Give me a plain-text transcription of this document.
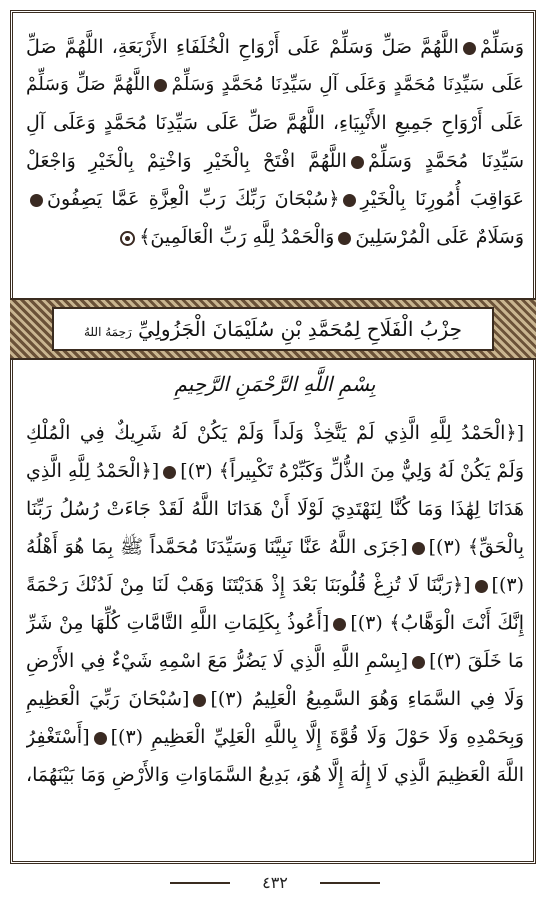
وَسَلِّمْاللَّهُمَّ صَلِّ وَسَلِّمْ عَلَى أَرْوَاحِ الْخُلَفَاءِ الأَرْبَعَةِ، اللَّهُمَّ صَلِّ
عَلَى سَيِّدِنَا مُحَمَّدٍ وَعَلَى آلِ سَيِّدِنَا مُحَمَّدٍ وَسَلِّمْاللَّهُمَّ صَلِّ وَسَلِّمْ
عَلَى أَرْوَاحِ جَمِيعِ الأَنْبِيَاءِ، اللَّهُمَّ صَلِّ عَلَى سَيِّدِنَا مُحَمَّدٍ وَعَلَى آلِ
سَيِّدِنَا مُحَمَّدٍ وَسَلِّمْاللَّهُمَّ افْتَحْ بِالْخَيْرِ وَاخْتِمْ بِالْخَيْرِ وَاجْعَلْ
عَوَاقِبَ أُمُورِنَا بِالْخَيْرِ﴿سُبْحَانَ رَبِّكَ رَبِّ الْعِزَّةِ عَمَّا يَصِفُونَ
وَسَلَامٌ عَلَى الْمُرْسَلِينَوَالْحَمْدُ لِلَّهِ رَبِّ الْعَالَمِينَ﴾
حِزْبُ الْفَلَاحِ لِمُحَمَّدِ بْنِ سُلَيْمَانَ الْجَزُولِيِّ رَحِمَهُ اللهُ
بِسْمِ اللَّهِ الرَّحْمَنِ الرَّحِيمِ
[﴿الْحَمْدُ لِلَّهِ الَّذِي لَمْ يَتَّخِذْ وَلَداً وَلَمْ يَكُنْ لَهُ شَرِيكٌ فِي الْمُلْكِ
وَلَمْ يَكُنْ لَهُ وَلِيٌّ مِنَ الذُّلِّ وَكَبِّرْهُ تَكْبِيراً﴾ (٣)][﴿الْحَمْدُ لِلَّهِ الَّذِي
هَدَانَا لِهَٰذَا وَمَا كُنَّا لِنَهْتَدِيَ لَوْلَا أَنْ هَدَانَا اللَّهُ لَقَدْ جَاءَتْ رُسُلُ رَبِّنَا
بِالْحَقِّ﴾ (٣)][جَزَى اللَّهُ عَنَّا نَبِيَّنَا وَسَيِّدَنَا مُحَمَّداً ﷺ بِمَا هُوَ أَهْلُهُ
(٣)][﴿رَبَّنَا لَا تُزِغْ قُلُوبَنَا بَعْدَ إِذْ هَدَيْتَنَا وَهَبْ لَنَا مِنْ لَدُنْكَ رَحْمَةً
إِنَّكَ أَنْتَ الْوَهَّابُ﴾ (٣)][أَعُوذُ بِكَلِمَاتِ اللَّهِ التَّامَّاتِ كُلِّهَا مِنْ شَرِّ
مَا خَلَقَ (٣)][بِسْمِ اللَّهِ الَّذِي لَا يَضُرُّ مَعَ اسْمِهِ شَيْءٌ فِي الأَرْضِ
وَلَا فِي السَّمَاءِ وَهُوَ السَّمِيعُ الْعَلِيمُ (٣)][سُبْحَانَ رَبِّيَ الْعَظِيمِ
وَبِحَمْدِهِ وَلَا حَوْلَ وَلَا قُوَّةَ إِلَّا بِاللَّهِ الْعَلِيِّ الْعَظِيمِ (٣)][أَسْتَغْفِرُ
اللَّهَ الْعَظِيمَ الَّذِي لَا إِلَٰهَ إِلَّا هُوَ، بَدِيعُ السَّمَاوَاتِ وَالأَرْضِ وَمَا بَيْنَهُمَا،
٤٣٢
